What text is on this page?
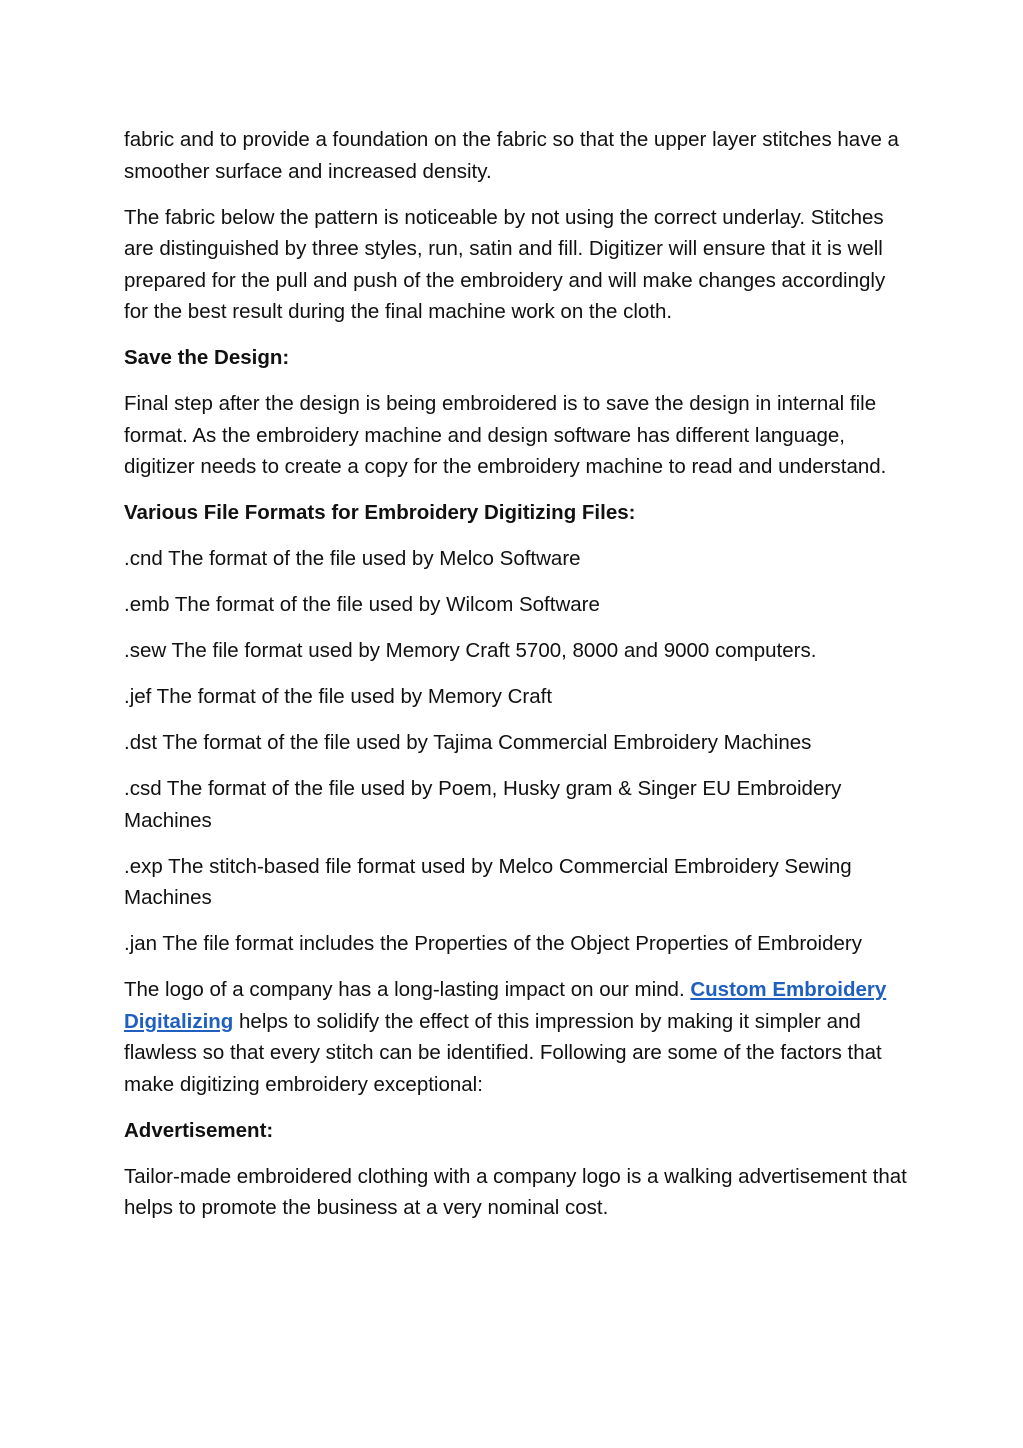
fabric and to provide a foundation on the fabric so that the upper layer stitches have a smoother surface and increased density.

The fabric below the pattern is noticeable by not using the correct underlay. Stitches are distinguished by three styles, run, satin and fill. Digitizer will ensure that it is well prepared for the pull and push of the embroidery and will make changes accordingly for the best result during the final machine work on the cloth.

Save the Design:

Final step after the design is being embroidered is to save the design in internal file format. As the embroidery machine and design software has different language, digitizer needs to create a copy for the embroidery machine to read and understand.

Various File Formats for Embroidery Digitizing Files:

.cnd The format of the file used by Melco Software

.emb The format of the file used by Wilcom Software

.sew The file format used by Memory Craft 5700, 8000 and 9000 computers.

.jef The format of the file used by Memory Craft

.dst The format of the file used by Tajima Commercial Embroidery Machines

.csd The format of the file used by Poem, Husky gram & Singer EU Embroidery Machines

.exp The stitch-based file format used by Melco Commercial Embroidery Sewing Machines

.jan The file format includes the Properties of the Object Properties of Embroidery

The logo of a company has a long-lasting impact on our mind. Custom Embroidery Digitalizing helps to solidify the effect of this impression by making it simpler and flawless so that every stitch can be identified. Following are some of the factors that make digitizing embroidery exceptional:

Advertisement:

Tailor-made embroidered clothing with a company logo is a walking advertisement that helps to promote the business at a very nominal cost.
